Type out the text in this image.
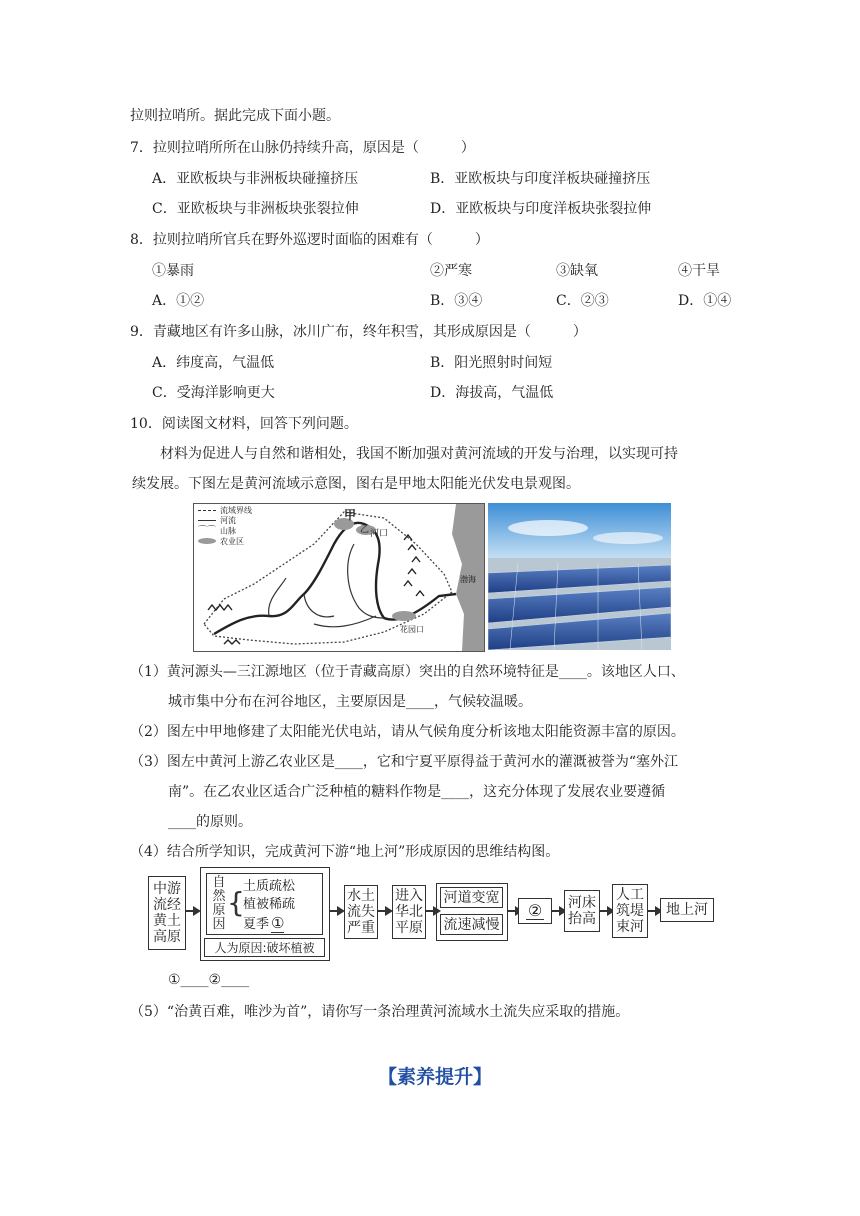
拉则拉哨所。据此完成下面小题。
7．拉则拉哨所所在山脉仍持续升高，原因是（　　　）
A．亚欧板块与非洲板块碰撞挤压	B．亚欧板块与印度洋板块碰撞挤压
C．亚欧板块与非洲板块张裂拉伸	D．亚欧板块与印度洋板块张裂拉伸
8．拉则拉哨所官兵在野外巡逻时面临的困难有（　　　）
①暴雨	②严寒	③缺氧	④干旱
A．①②	B．③④	C．②③	D．①④
9．青藏地区有许多山脉，冰川广布，终年积雪，其形成原因是（　　　）
A．纬度高，气温低	B．阳光照射时间短
C．受海洋影响更大	D．海拔高，气温低
10．阅读图文材料，回答下列问题。
材料为促进人与自然和谐相处，我国不断加强对黄河流域的开发与治理，以实现可持
续发展。下图左是黄河流域示意图，图右是甲地太阳能光伏发电景观图。
流域界线
河流
⌒⌒ 山脉
农业区
甲
乙 河口
渤海
花园口
（1）黄河源头—三江源地区（位于青藏高原）突出的自然环境特征是____。该地区人口、
城市集中分布在河谷地区，主要原因是____，气候较温暖。
（2）图左中甲地修建了太阳能光伏电站，请从气候角度分析该地太阳能资源丰富的原因。
（3）图左中黄河上游乙农业区是____，它和宁夏平原得益于黄河水的灌溉被誉为“塞外江
南”。在乙农业区适合广泛种植的糖料作物是____，这充分体现了发展农业要遵循
____的原则。
（4）结合所学知识，完成黄河下游“地上河”形成原因的思维结构图。
中游流经黄土高原
自然原因
{
土质疏松
植被稀疏
夏季 ①
人为原因:破坏植被
水土流失严重
进入华北平原
河道变宽
流速减慢
② 河床抬高
人工筑堤束河
地上河
①____②____
（5）“治黄百难，唯沙为首”，请你写一条治理黄河流域水土流失应采取的措施。
【素养提升】
